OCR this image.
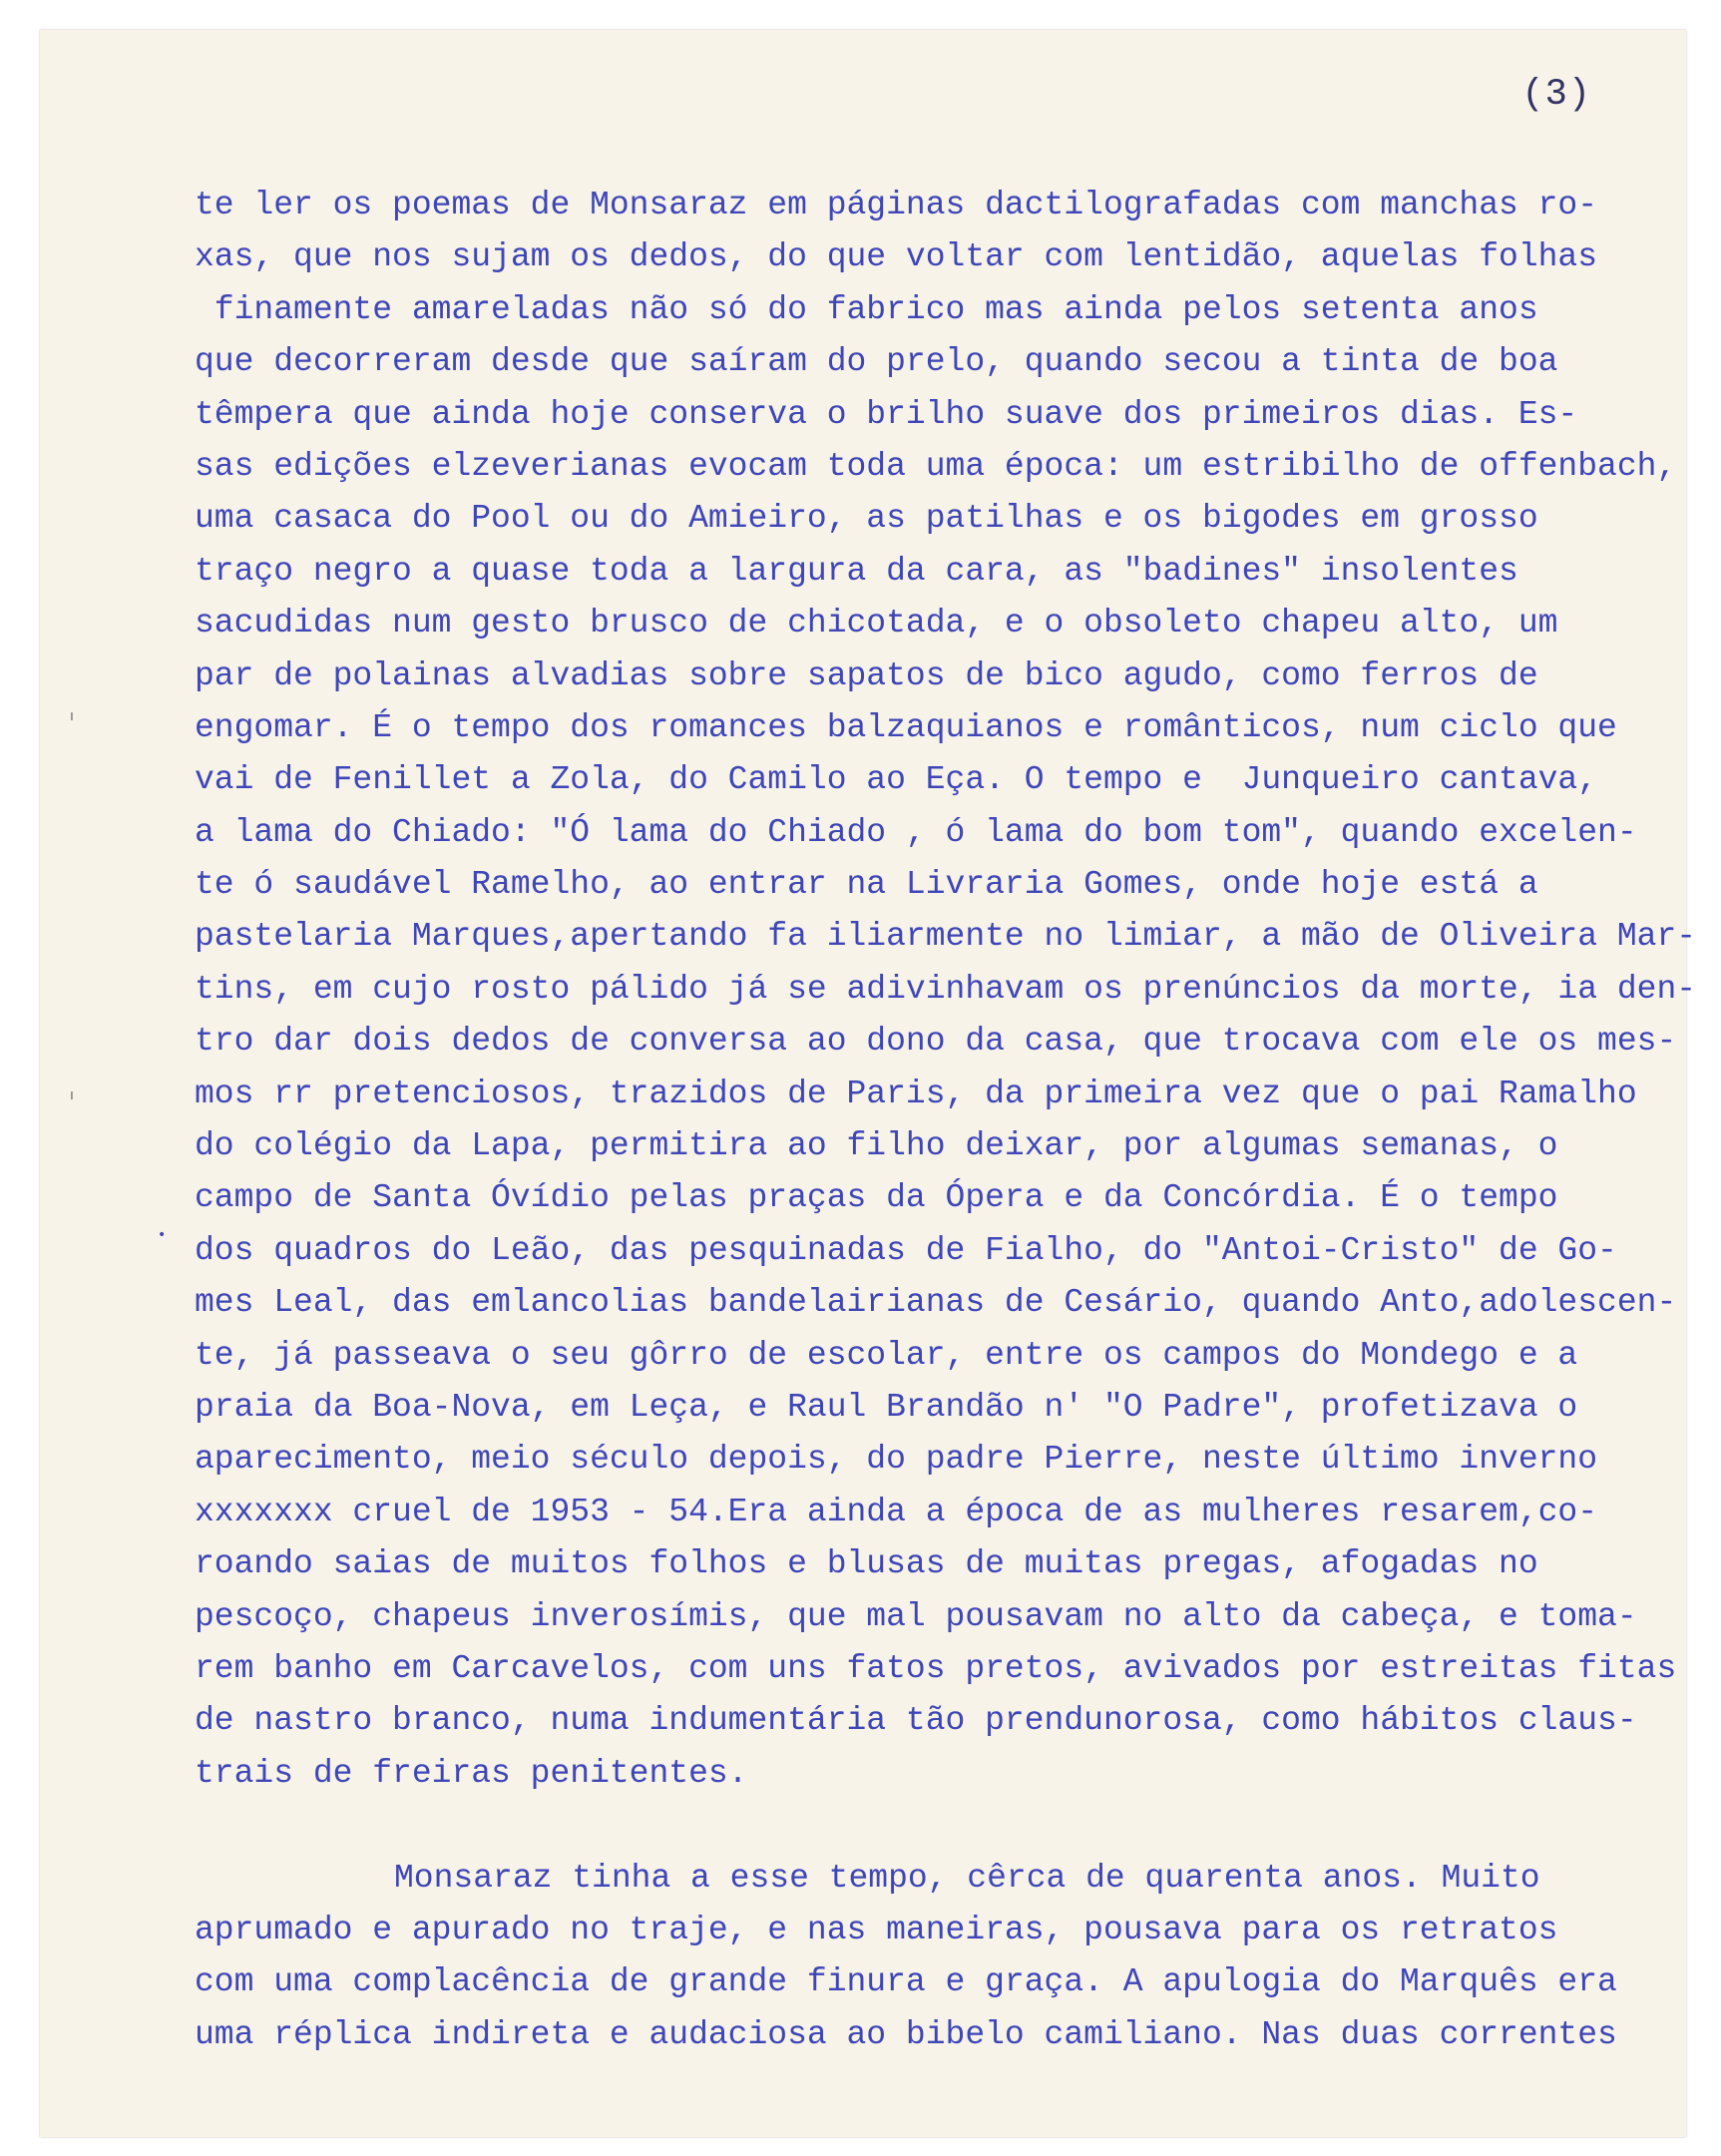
(3)
te ler os poemas de Monsaraz em páginas dactilografadas com manchas ro-
xas, que nos sujam os dedos, do que voltar com lentidão, aquelas folhas
finamente amareladas não só do fabrico mas ainda pelos setenta anos
que decorreram desde que saíram do prelo, quando secou a tinta de boa
têmpera que ainda hoje conserva o brilho suave dos primeiros dias. Es-
sas edições elzeverianas evocam toda uma época: um estribilho de offenbach,
uma casaca do Pool ou do Amieiro, as patilhas e os bigodes em grosso
traço negro a quase toda a largura da cara, as "badines" insolentes
sacudidas num gesto brusco de chicotada, e o obsoleto chapeu alto, um
par de polainas alvadias sobre sapatos de bico agudo, como ferros de
engomar. É o tempo dos romances balzaquianos e românticos, num ciclo que
vai de Fenillet a Zola, do Camilo ao Eça. O tempo e  Junqueiro cantava,
a lama do Chiado: "Ó lama do Chiado , ó lama do bom tom", quando excelen-
te ó saudável Ramelho, ao entrar na Livraria Gomes, onde hoje está a
pastelaria Marques,apertando fa iliarmente no limiar, a mão de Oliveira Mar-
tins, em cujo rosto pálido já se adivinhavam os prenúncios da morte, ia den-
tro dar dois dedos de conversa ao dono da casa, que trocava com ele os mes-
mos rr pretenciosos, trazidos de Paris, da primeira vez que o pai Ramalho
do colégio da Lapa, permitira ao filho deixar, por algumas semanas, o
campo de Santa Óvídio pelas praças da Ópera e da Concórdia. É o tempo
dos quadros do Leão, das pesquinadas de Fialho, do "Antoi-Cristo" de Go-
mes Leal, das emlancolias bandelairianas de Cesário, quando Anto,adolescen-
te, já passeava o seu gôrro de escolar, entre os campos do Mondego e a
praia da Boa-Nova, em Leça, e Raul Brandão n' "O Padre", profetizava o
aparecimento, meio século depois, do padre Pierre, neste último inverno
xxxxxxx cruel de 1953 - 54.Era ainda a época de as mulheres resarem,co-
roando saias de muitos folhos e blusas de muitas pregas, afogadas no
pescoço, chapeus inverosímis, que mal pousavam no alto da cabeça, e toma-
rem banho em Carcavelos, com uns fatos pretos, avivados por estreitas fitas
de nastro branco, numa indumentária tão prendunorosa, como hábitos claus-
trais de freiras penitentes.
Monsaraz tinha a esse tempo, cêrca de quarenta anos. Muito
aprumado e apurado no traje, e nas maneiras, pousava para os retratos
com uma complacência de grande finura e graça. A apulogia do Marquês era
uma réplica indireta e audaciosa ao bibelo camiliano. Nas duas correntes
ı
ı
•
